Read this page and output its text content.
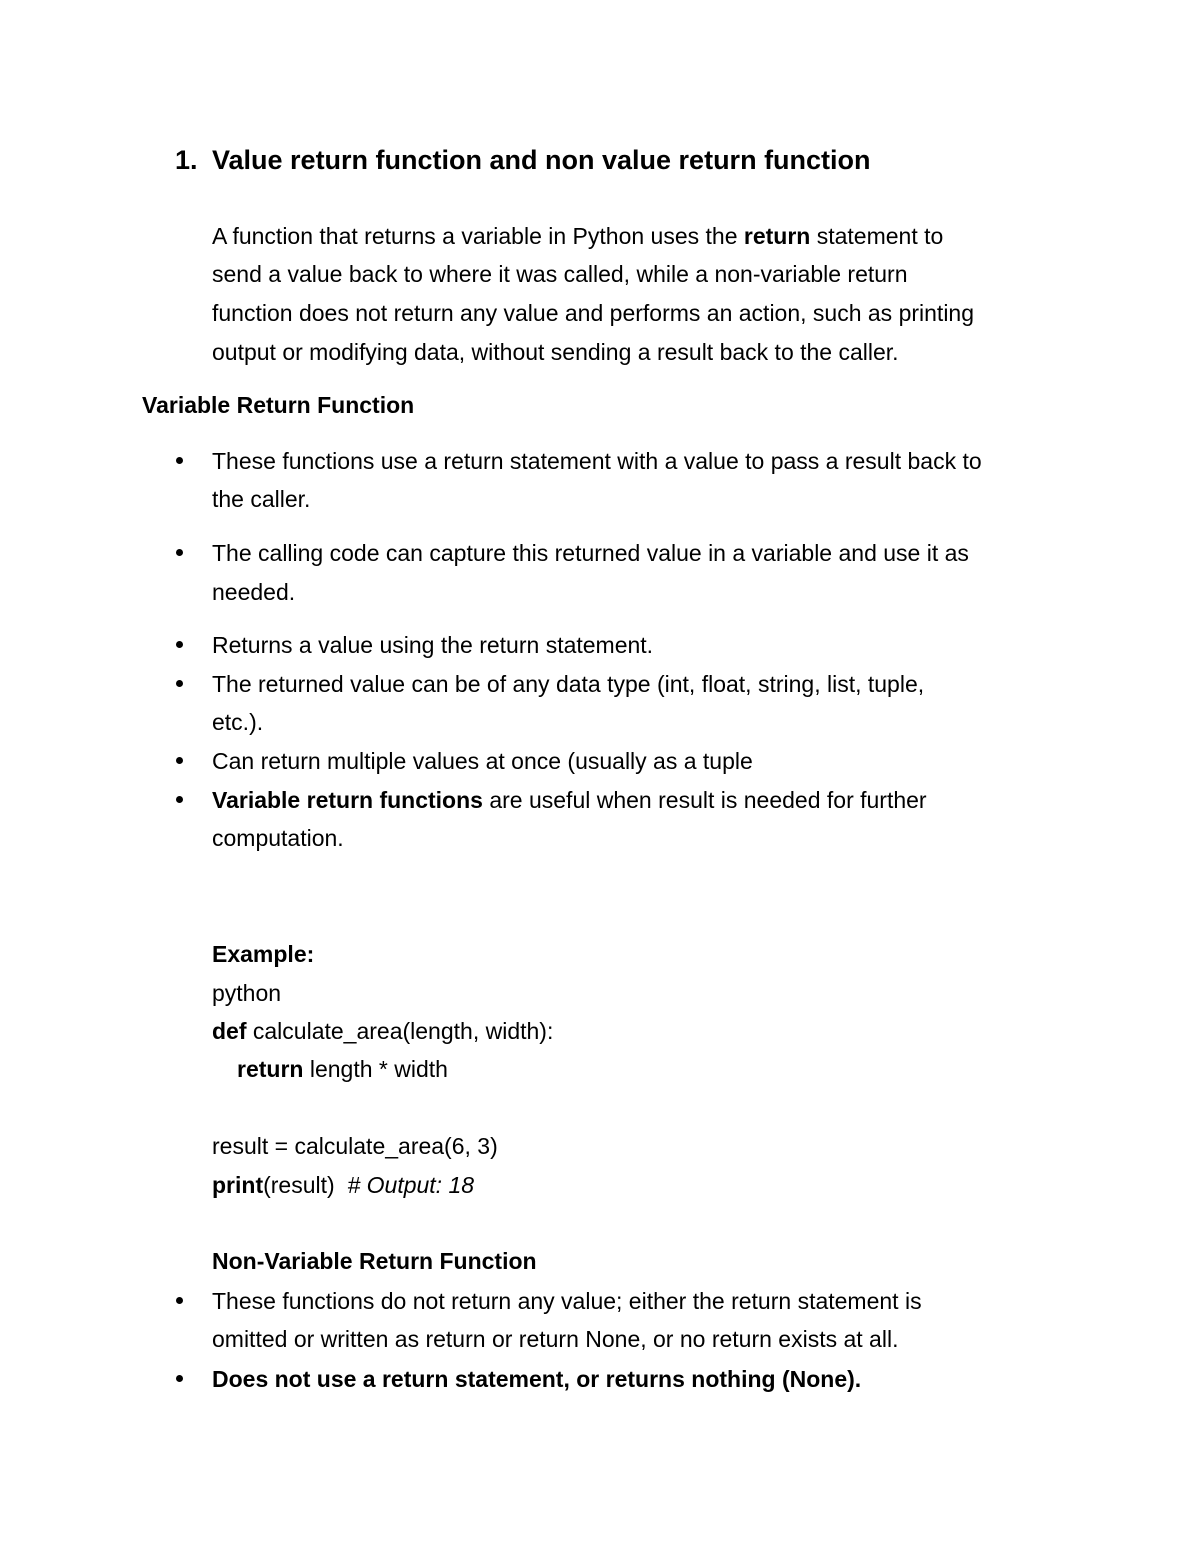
1. Value return function and non value return function
A function that returns a variable in Python uses the return statement to
send a value back to where it was called, while a non-variable return
function does not return any value and performs an action, such as printing
output or modifying data, without sending a result back to the caller.
Variable Return Function
These functions use a return statement with a value to pass a result back to
the caller.
The calling code can capture this returned value in a variable and use it as
needed.
Returns a value using the return statement.
The returned value can be of any data type (int, float, string, list, tuple,
etc.).
Can return multiple values at once (usually as a tuple
Variable return functions are useful when result is needed for further
computation.
Example:
python
def calculate_area(length, width):
return length * width
result = calculate_area(6, 3)
print(result)  # Output: 18
Non-Variable Return Function
These functions do not return any value; either the return statement is
omitted or written as return or return None, or no return exists at all.
Does not use a return statement, or returns nothing (None).
